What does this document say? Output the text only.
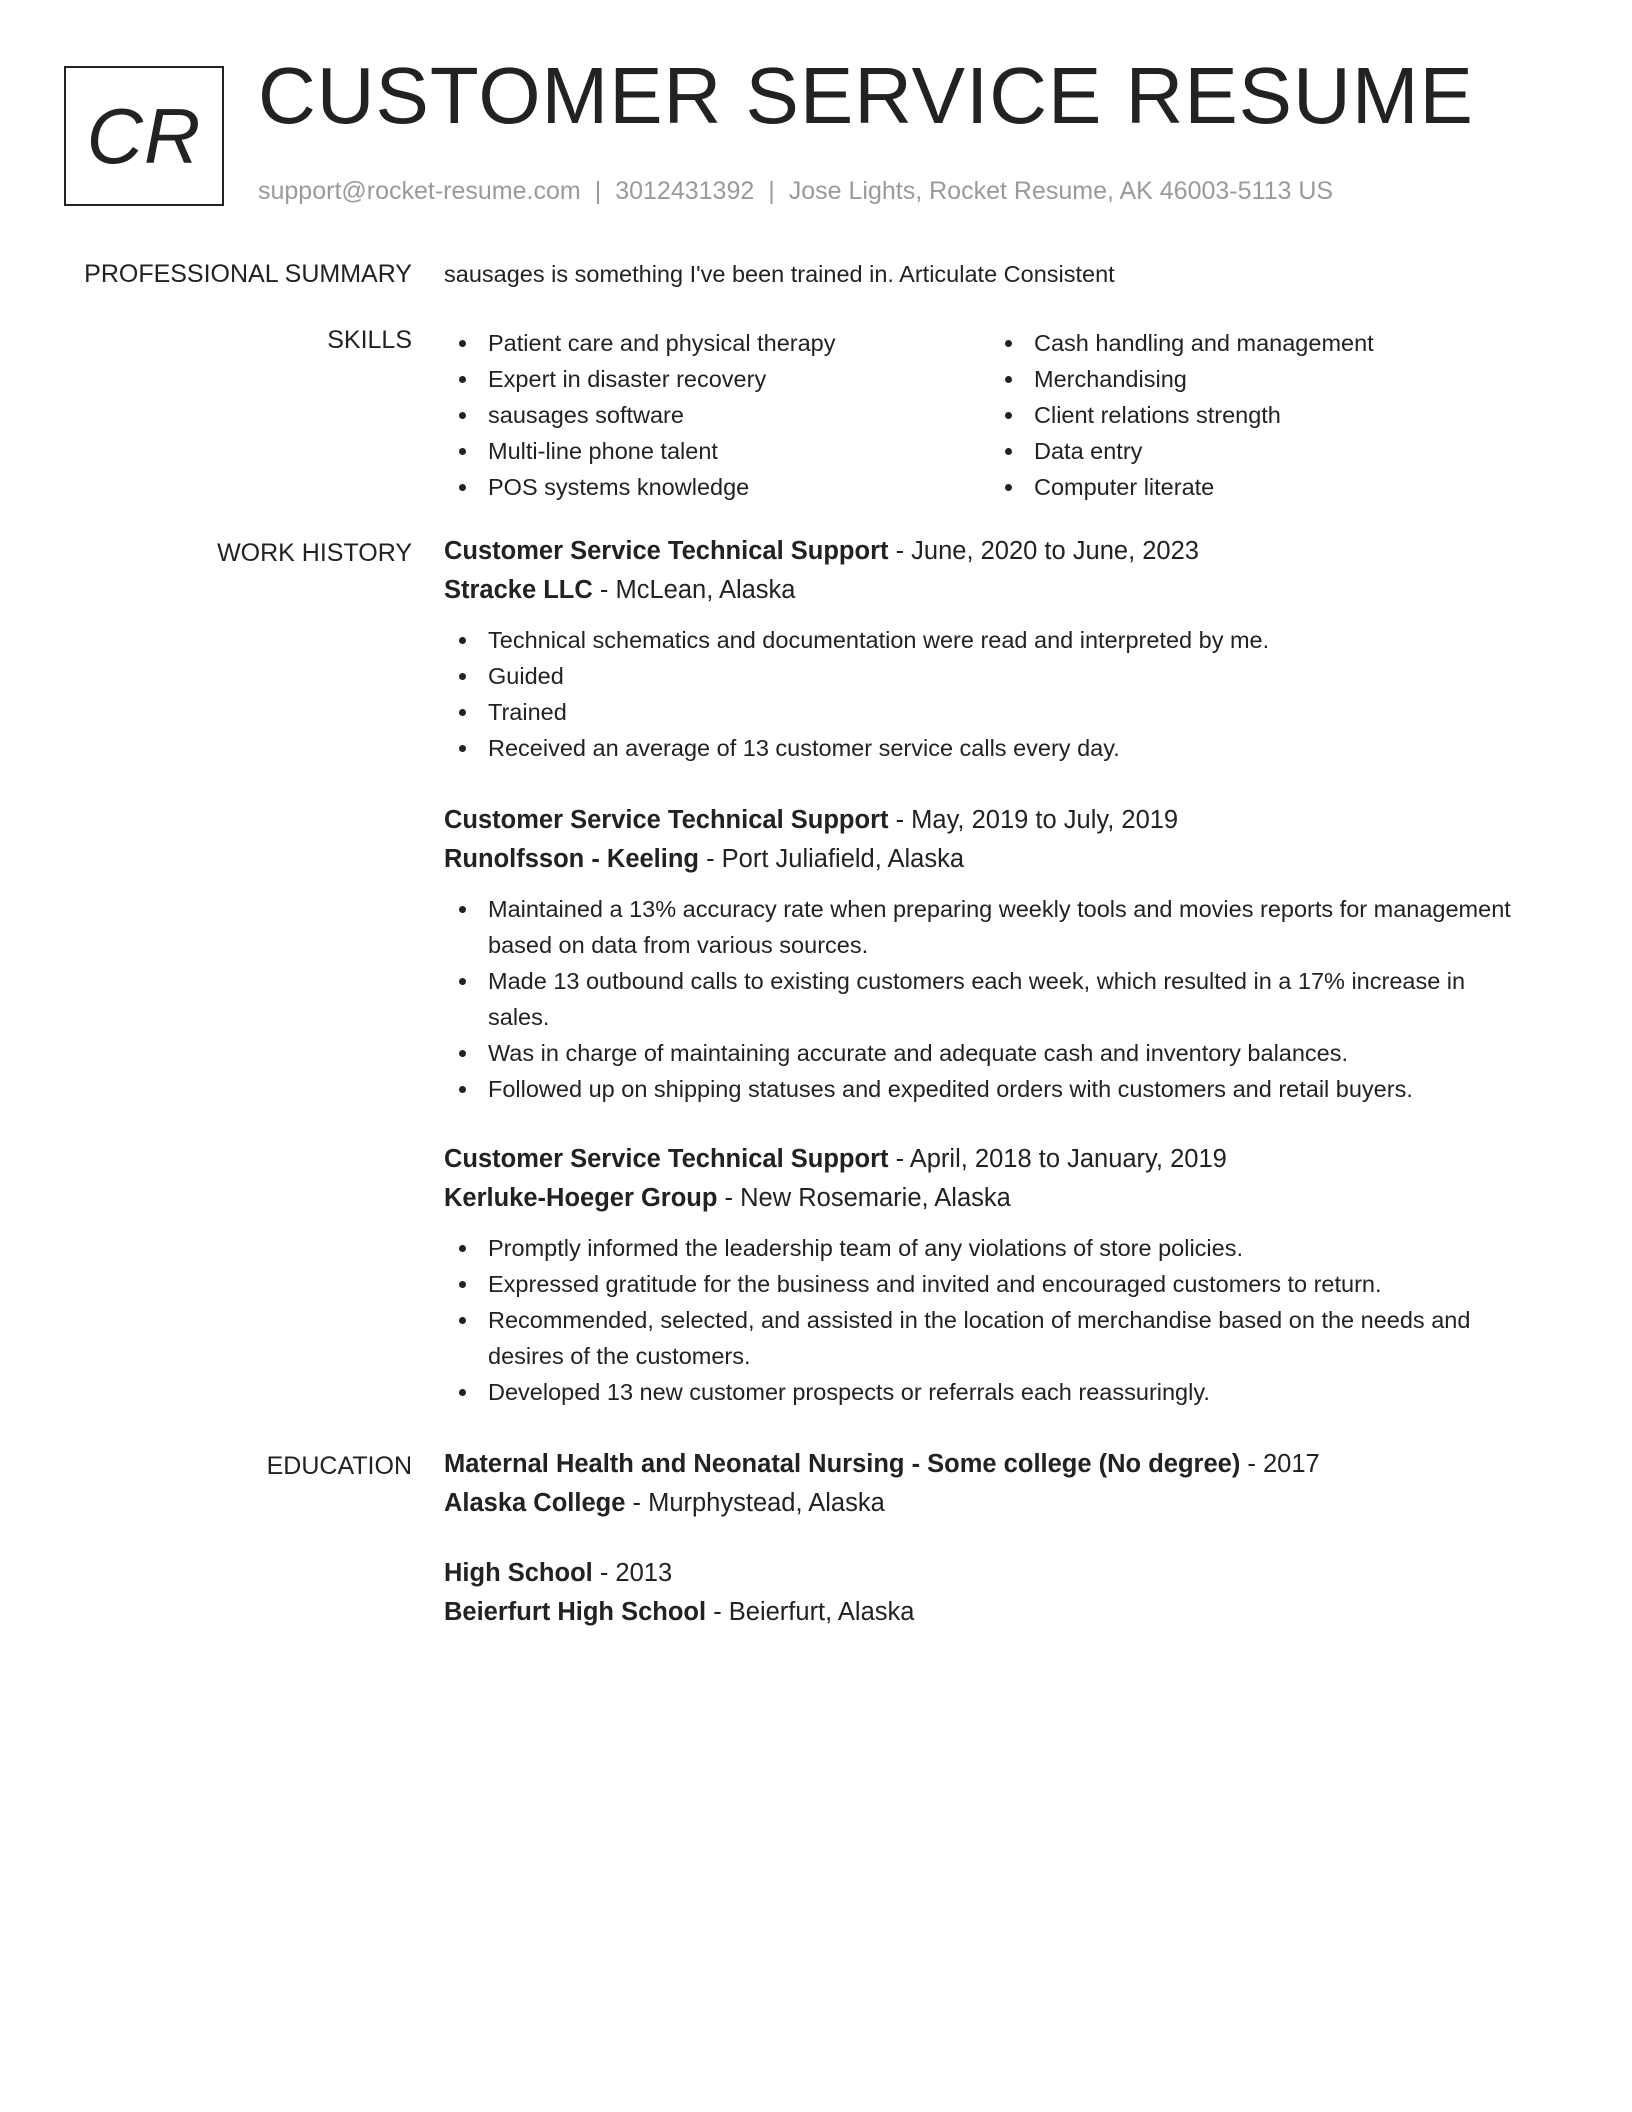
CR CUSTOMER SERVICE RESUME
support@rocket-resume.com | 3012431392 | Jose Lights, Rocket Resume, AK 46003-5113 US
PROFESSIONAL SUMMARY sausages is something I've been trained in. Articulate Consistent
SKILLS	Patient care and physical therapy
Expert in disaster recovery
sausages software
Multi-line phone talent
POS systems knowledge
Cash handling and management
Merchandising
Client relations strength
Data entry
Computer literate
WORK HISTORY Customer Service Technical Support - June, 2020 to June, 2023
Stracke LLC - McLean, Alaska
Technical schematics and documentation were read and interpreted by me.
Guided
Trained
Received an average of 13 customer service calls every day.
Customer Service Technical Support - May, 2019 to July, 2019
Runolfsson - Keeling - Port Juliafield, Alaska
Maintained a 13% accuracy rate when preparing weekly tools and movies reports for management based on data from various sources.
Made 13 outbound calls to existing customers each week, which resulted in a 17% increase in sales.
Was in charge of maintaining accurate and adequate cash and inventory balances.
Followed up on shipping statuses and expedited orders with customers and retail buyers.
Customer Service Technical Support - April, 2018 to January, 2019
Kerluke-Hoeger Group - New Rosemarie, Alaska
Promptly informed the leadership team of any violations of store policies.
Expressed gratitude for the business and invited and encouraged customers to return.
Recommended, selected, and assisted in the location of merchandise based on the needs and desires of the customers.
Developed 13 new customer prospects or referrals each reassuringly.
EDUCATION Maternal Health and Neonatal Nursing - Some college (No degree) - 2017
Alaska College - Murphystead, Alaska
High School - 2013
Beierfurt High School - Beierfurt, Alaska
